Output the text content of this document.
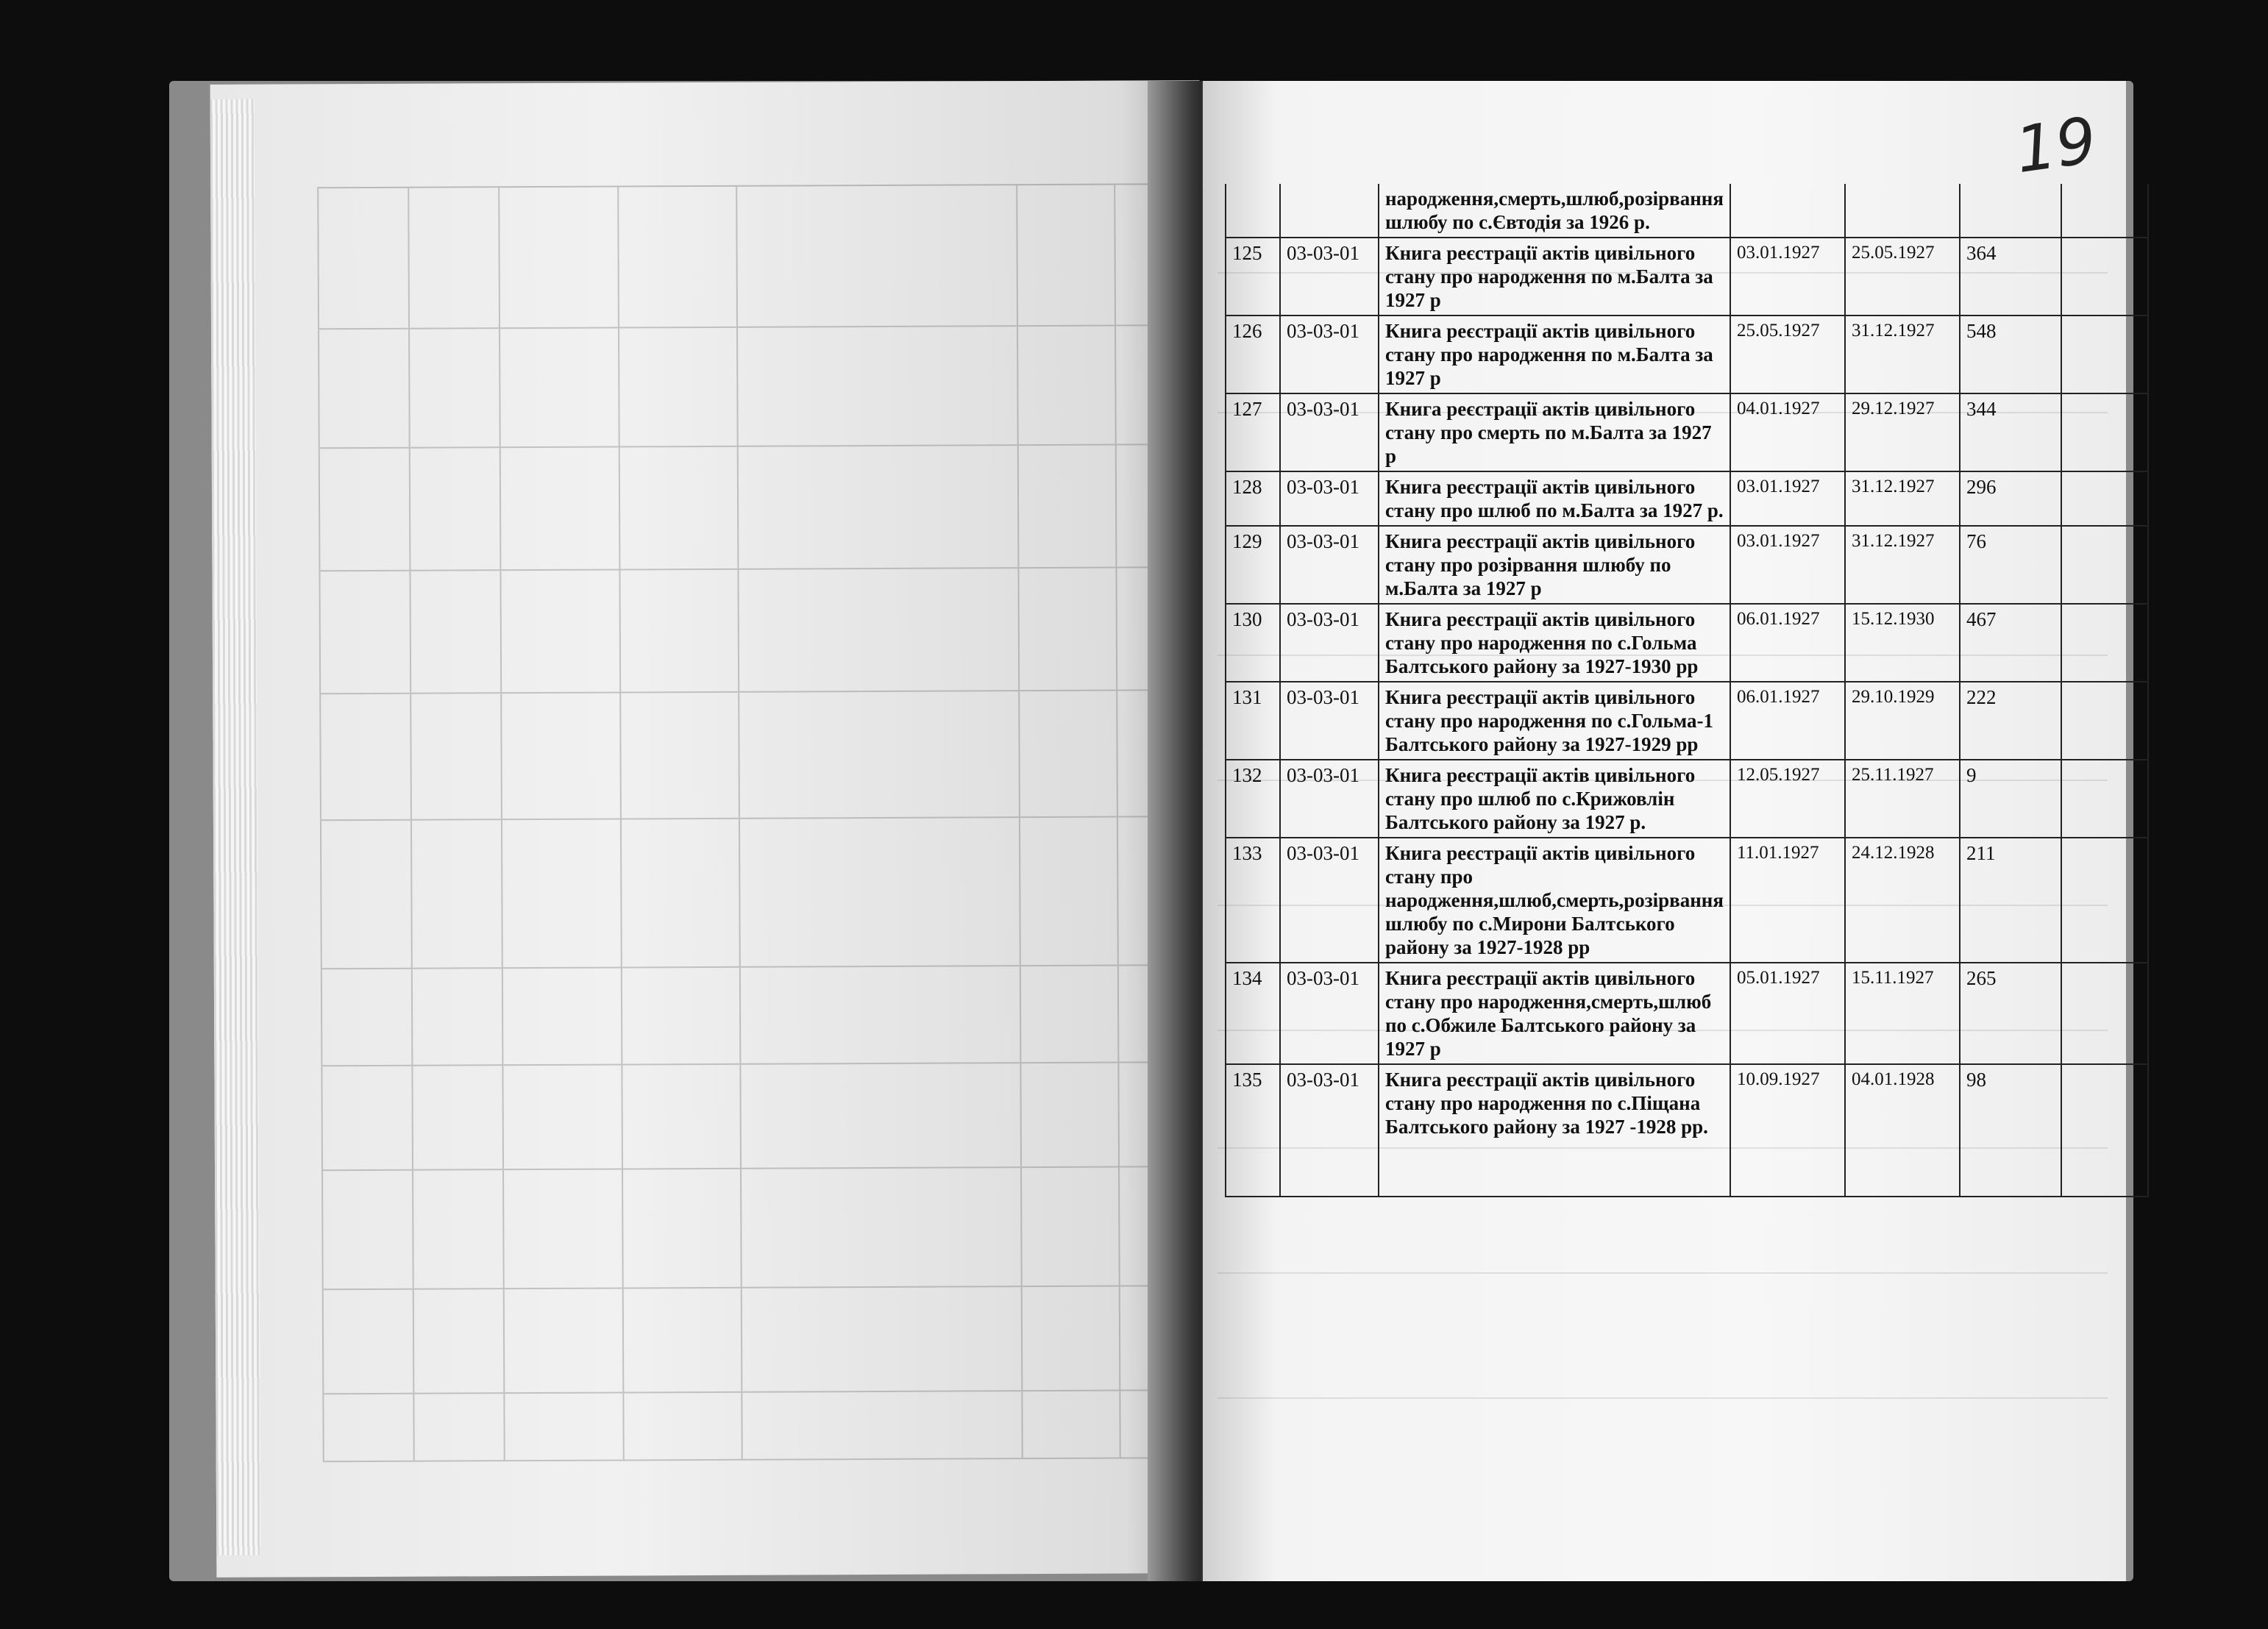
19
		народження,смерть,шлюб,розірвання шлюбу по с.Євтодія за 1926 р.				
125	03-03-01	Книга реєстрації актів цивільного стану про народження по м.Балта за 1927 р	03.01.1927	25.05.1927	364	
126	03-03-01	Книга реєстрації актів цивільного стану про народження по м.Балта за 1927 р	25.05.1927	31.12.1927	548	
127	03-03-01	Книга реєстрації актів цивільного стану про смерть по м.Балта за 1927 р	04.01.1927	29.12.1927	344	
128	03-03-01	Книга реєстрації актів цивільного стану про шлюб по м.Балта за 1927 р.	03.01.1927	31.12.1927	296	
129	03-03-01	Книга реєстрації актів цивільного стану про розірвання шлюбу по м.Балта за 1927 р	03.01.1927	31.12.1927	76	
130	03-03-01	Книга реєстрації актів цивільного стану про народження по с.Гольма Балтського району за 1927-1930 рр	06.01.1927	15.12.1930	467	
131	03-03-01	Книга реєстрації актів цивільного стану про народження по с.Гольма-1 Балтського району за 1927-1929 рр	06.01.1927	29.10.1929	222	
132	03-03-01	Книга реєстрації актів цивільного стану про шлюб по с.Крижовлін Балтського району за 1927 р.	12.05.1927	25.11.1927	9	
133	03-03-01	Книга реєстрації актів цивільного стану про народження,шлюб,смерть,розірвання шлюбу по с.Мирони Балтського району за 1927-1928 рр	11.01.1927	24.12.1928	211	
134	03-03-01	Книга реєстрації актів цивільного стану про народження,смерть,шлюб по с.Обжиле Балтського району за 1927 р	05.01.1927	15.11.1927	265	
135	03-03-01	Книга реєстрації актів цивільного стану про народження по с.Піщана Балтського району за 1927 -1928 рр.	10.09.1927	04.01.1928	98	
